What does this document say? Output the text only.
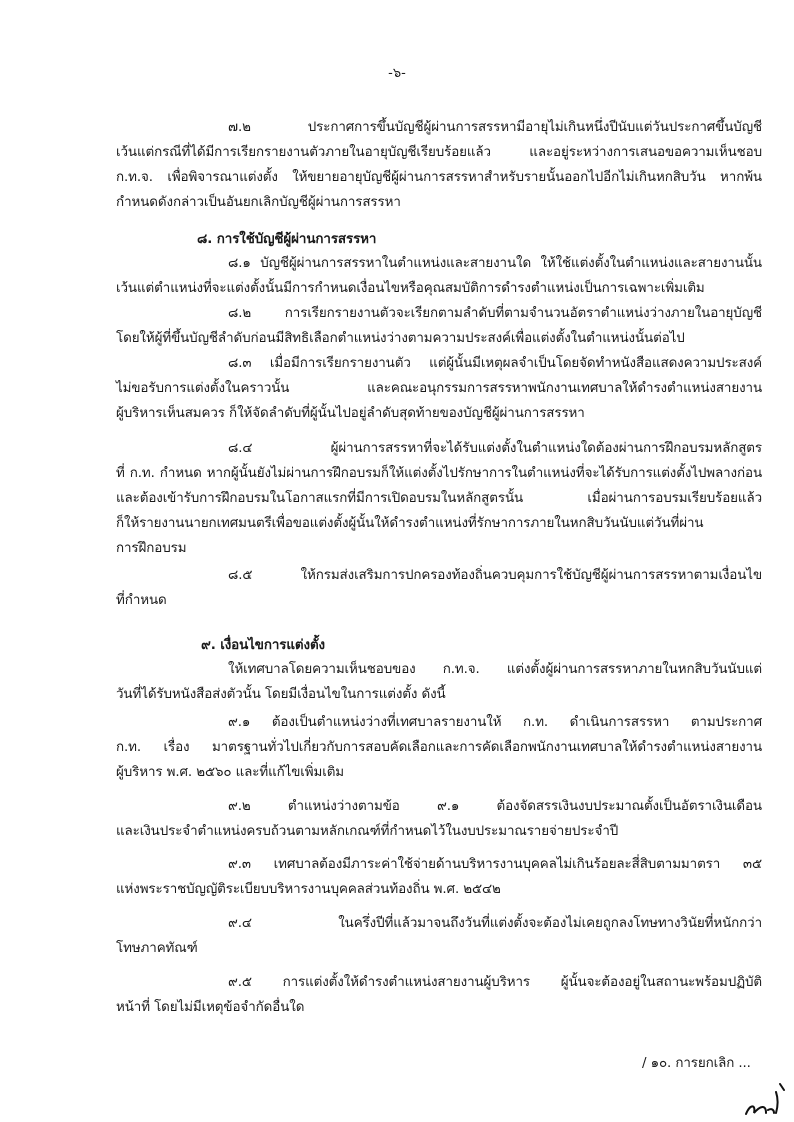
-๖-
๗.๒ ประกาศการขึ้นบัญชีผู้ผ่านการสรรหามีอายุไม่เกินหนึ่งปีนับแต่วันประกาศขึ้นบัญชี
เว้นแต่กรณีที่ได้มีการเรียกรายงานตัวภายในอายุบัญชีเรียบร้อยแล้ว และอยู่ระหว่างการเสนอขอความเห็นชอบ
ก.ท.จ. เพื่อพิจารณาแต่งตั้ง ให้ขยายอายุบัญชีผู้ผ่านการสรรหาสำหรับรายนั้นออกไปอีกไม่เกินหกสิบวัน หากพ้น
กำหนดดังกล่าวเป็นอันยกเลิกบัญชีผู้ผ่านการสรรหา
๘. การใช้บัญชีผู้ผ่านการสรรหา
๘.๑ บัญชีผู้ผ่านการสรรหาในตำแหน่งและสายงานใด ให้ใช้แต่งตั้งในตำแหน่งและสายงานนั้น
เว้นแต่ตำแหน่งที่จะแต่งตั้งนั้นมีการกำหนดเงื่อนไขหรือคุณสมบัติการดำรงตำแหน่งเป็นการเฉพาะเพิ่มเติม
๘.๒ การเรียกรายงานตัวจะเรียกตามลำดับที่ตามจำนวนอัตราตำแหน่งว่างภายในอายุบัญชี
โดยให้ผู้ที่ขึ้นบัญชีลำดับก่อนมีสิทธิเลือกตำแหน่งว่างตามความประสงค์เพื่อแต่งตั้งในตำแหน่งนั้นต่อไป
๘.๓ เมื่อมีการเรียกรายงานตัว แต่ผู้นั้นมีเหตุผลจำเป็นโดยจัดทำหนังสือแสดงความประสงค์
ไม่ขอรับการแต่งตั้งในคราวนั้น และคณะอนุกรรมการสรรหาพนักงานเทศบาลให้ดำรงตำแหน่งสายงาน
ผู้บริหารเห็นสมควร ก็ให้จัดลำดับที่ผู้นั้นไปอยู่ลำดับสุดท้ายของบัญชีผู้ผ่านการสรรหา
๘.๔ ผู้ผ่านการสรรหาที่จะได้รับแต่งตั้งในตำแหน่งใดต้องผ่านการฝึกอบรมหลักสูตร
ที่ ก.ท. กำหนด หากผู้นั้นยังไม่ผ่านการฝึกอบรมก็ให้แต่งตั้งไปรักษาการในตำแหน่งที่จะได้รับการแต่งตั้งไปพลางก่อน
และต้องเข้ารับการฝึกอบรมในโอกาสแรกที่มีการเปิดอบรมในหลักสูตรนั้น เมื่อผ่านการอบรมเรียบร้อยแล้ว
ก็ให้รายงานนายกเทศมนตรีเพื่อขอแต่งตั้งผู้นั้นให้ดำรงตำแหน่งที่รักษาการภายในหกสิบวันนับแต่วันที่ผ่าน
การฝึกอบรม
๘.๕ ให้กรมส่งเสริมการปกครองท้องถิ่นควบคุมการใช้บัญชีผู้ผ่านการสรรหาตามเงื่อนไข
ที่กำหนด
๙. เงื่อนไขการแต่งตั้ง
ให้เทศบาลโดยความเห็นชอบของ ก.ท.จ. แต่งตั้งผู้ผ่านการสรรหาภายในหกสิบวันนับแต่
วันที่ได้รับหนังสือส่งตัวนั้น โดยมีเงื่อนไขในการแต่งตั้ง ดังนี้
๙.๑ ต้องเป็นตำแหน่งว่างที่เทศบาลรายงานให้ ก.ท. ดำเนินการสรรหา ตามประกาศ
ก.ท. เรื่อง มาตรฐานทั่วไปเกี่ยวกับการสอบคัดเลือกและการคัดเลือกพนักงานเทศบาลให้ดำรงตำแหน่งสายงาน
ผู้บริหาร พ.ศ. ๒๕๖๐ และที่แก้ไขเพิ่มเติม
๙.๒ ตำแหน่งว่างตามข้อ ๙.๑ ต้องจัดสรรเงินงบประมาณตั้งเป็นอัตราเงินเดือน
และเงินประจำตำแหน่งครบถ้วนตามหลักเกณฑ์ที่กำหนดไว้ในงบประมาณรายจ่ายประจำปี
๙.๓ เทศบาลต้องมีภาระค่าใช้จ่ายด้านบริหารงานบุคคลไม่เกินร้อยละสี่สิบตามมาตรา ๓๕
แห่งพระราชบัญญัติระเบียบบริหารงานบุคคลส่วนท้องถิ่น พ.ศ. ๒๕๔๒
๙.๔ ในครึ่งปีที่แล้วมาจนถึงวันที่แต่งตั้งจะต้องไม่เคยถูกลงโทษทางวินัยที่หนักกว่า
โทษภาคทัณฑ์
๙.๕ การแต่งตั้งให้ดำรงตำแหน่งสายงานผู้บริหาร ผู้นั้นจะต้องอยู่ในสถานะพร้อมปฏิบัติ
หน้าที่ โดยไม่มีเหตุข้อจำกัดอื่นใด
/ ๑๐. การยกเลิก ...
